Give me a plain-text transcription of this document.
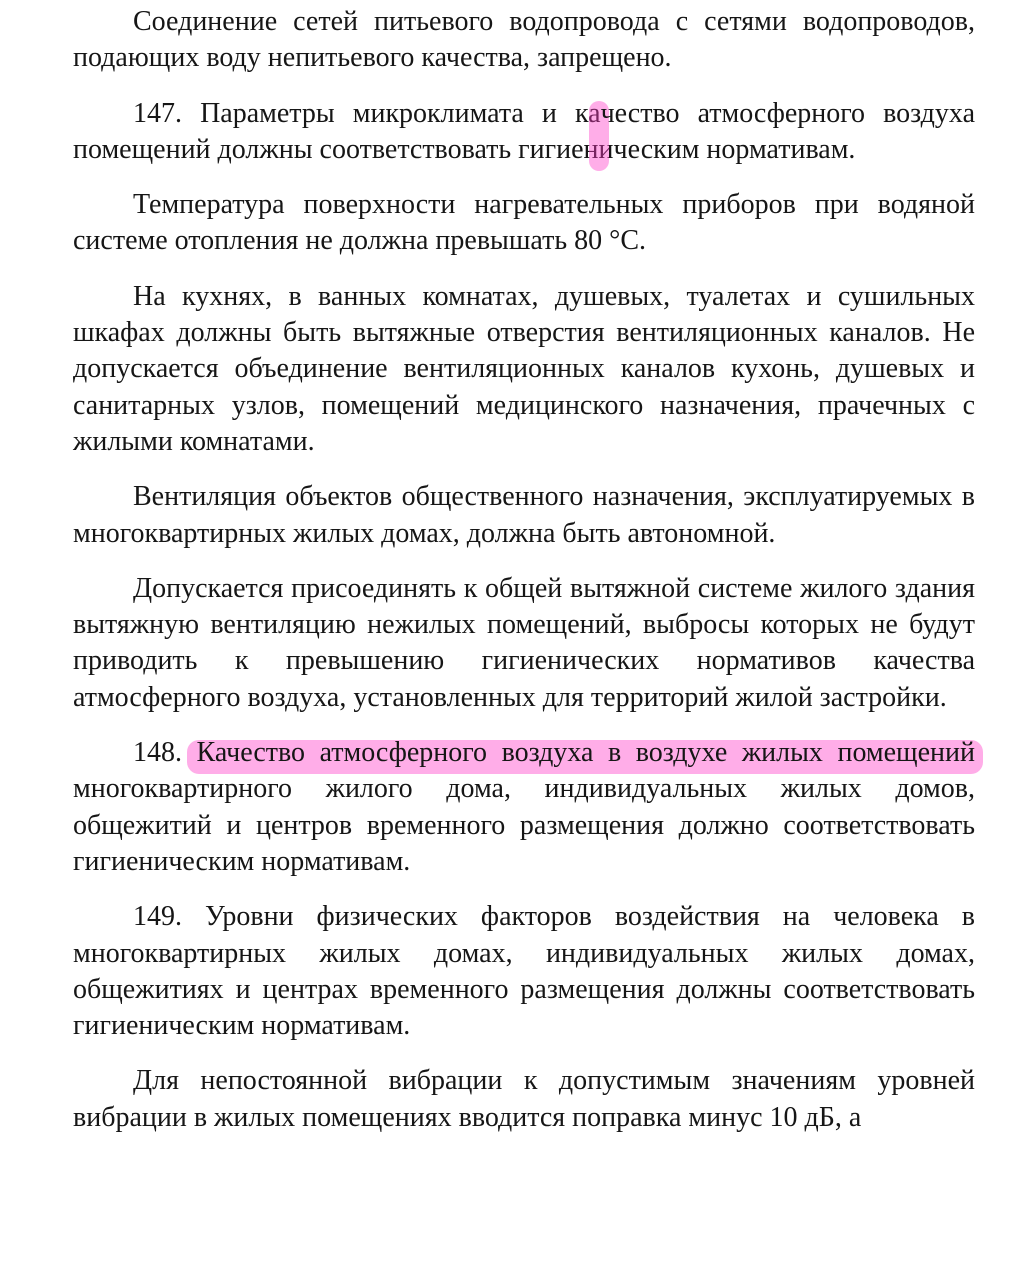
Соединение сетей питьевого водопровода с сетями водопроводов, подающих воду непитьевого качества, запрещено.

147. Параметры микроклимата и качество атмосферного воздуха помещений должны соответствовать гигиеническим нормативам.

Температура поверхности нагревательных приборов при водяной системе отопления не должна превышать 80 °С.

На кухнях, в ванных комнатах, душевых, туалетах и сушильных шкафах должны быть вытяжные отверстия вентиляционных каналов. Не допускается объединение вентиляционных каналов кухонь, душевых и санитарных узлов, помещений медицинского назначения, прачечных с жилыми комнатами.

Вентиляция объектов общественного назначения, эксплуатируемых в многоквартирных жилых домах, должна быть автономной.

Допускается присоединять к общей вытяжной системе жилого здания вытяжную вентиляцию нежилых помещений, выбросы которых не будут приводить к превышению гигиенических нормативов качества атмосферного воздуха, установленных для территорий жилой застройки.

148. Качество атмосферного воздуха в воздухе жилых помещений многоквартирного жилого дома, индивидуальных жилых домов, общежитий и центров временного размещения должно соответствовать гигиеническим нормативам.

149. Уровни физических факторов воздействия на человека в многоквартирных жилых домах, индивидуальных жилых домах, общежитиях и центрах временного размещения должны соответствовать гигиеническим нормативам.

Для непостоянной вибрации к допустимым значениям уровней вибрации в жилых помещениях вводится поправка минус 10 дБ, а
